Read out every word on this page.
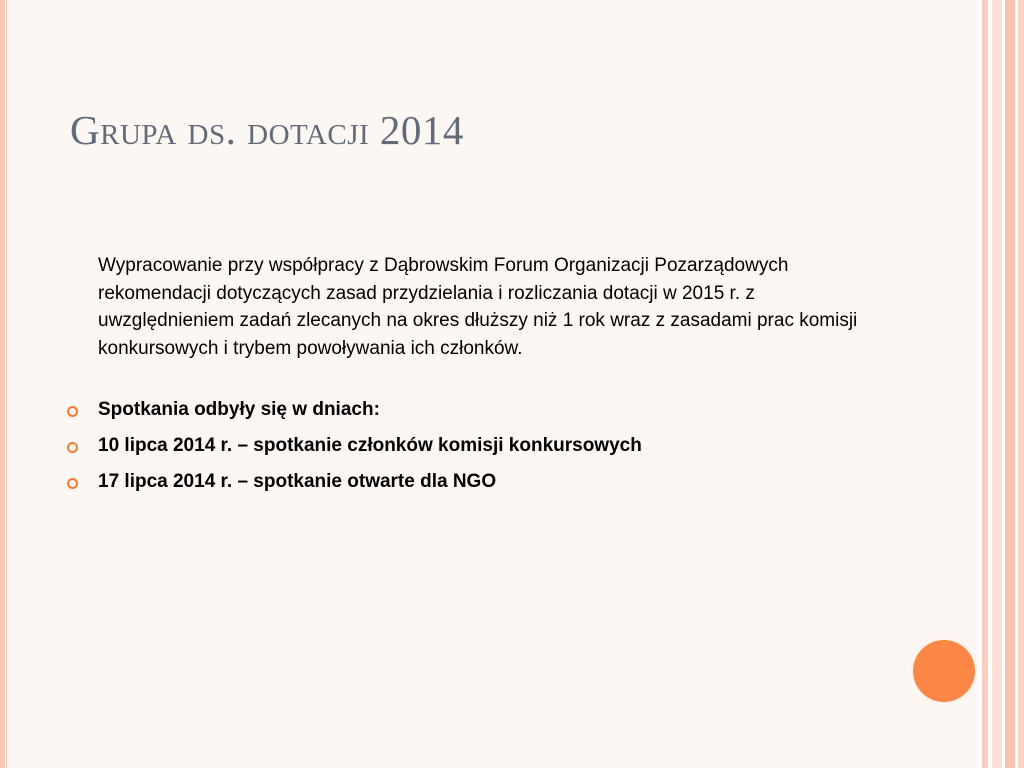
Grupa ds. dotacji 2014
Wypracowanie przy współpracy z Dąbrowskim Forum Organizacji Pozarządowych rekomendacji dotyczących zasad przydzielania i rozliczania dotacji w 2015 r. z uwzględnieniem zadań zlecanych na okres dłuższy niż 1 rok wraz z zasadami prac komisji konkursowych i trybem powoływania ich członków.
Spotkania odbyły się w dniach:
10 lipca 2014 r. – spotkanie członków komisji konkursowych
17 lipca 2014 r. – spotkanie otwarte dla NGO
